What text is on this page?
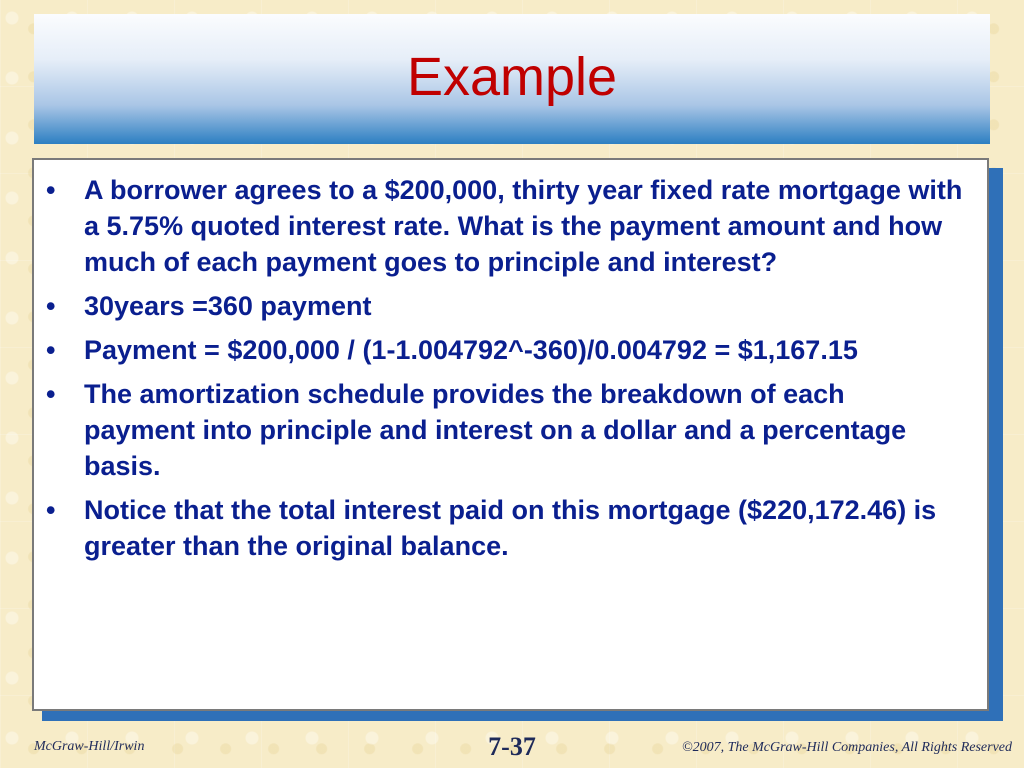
Example
• A borrower agrees to a $200,000, thirty year fixed rate mortgage with a 5.75% quoted interest rate. What is the payment amount and how much of each payment goes to principle and interest?
• 30years =360 payment
• Payment = $200,000 / (1-1.004792^-360)/0.004792 = $1,167.15
• The amortization schedule provides the breakdown of each payment into principle and interest on a dollar and a percentage basis.
• Notice that the total interest paid on this mortgage ($220,172.46) is greater than the original balance.
McGraw-Hill/Irwin	7-37	©2007, The McGraw-Hill Companies, All Rights Reserved
